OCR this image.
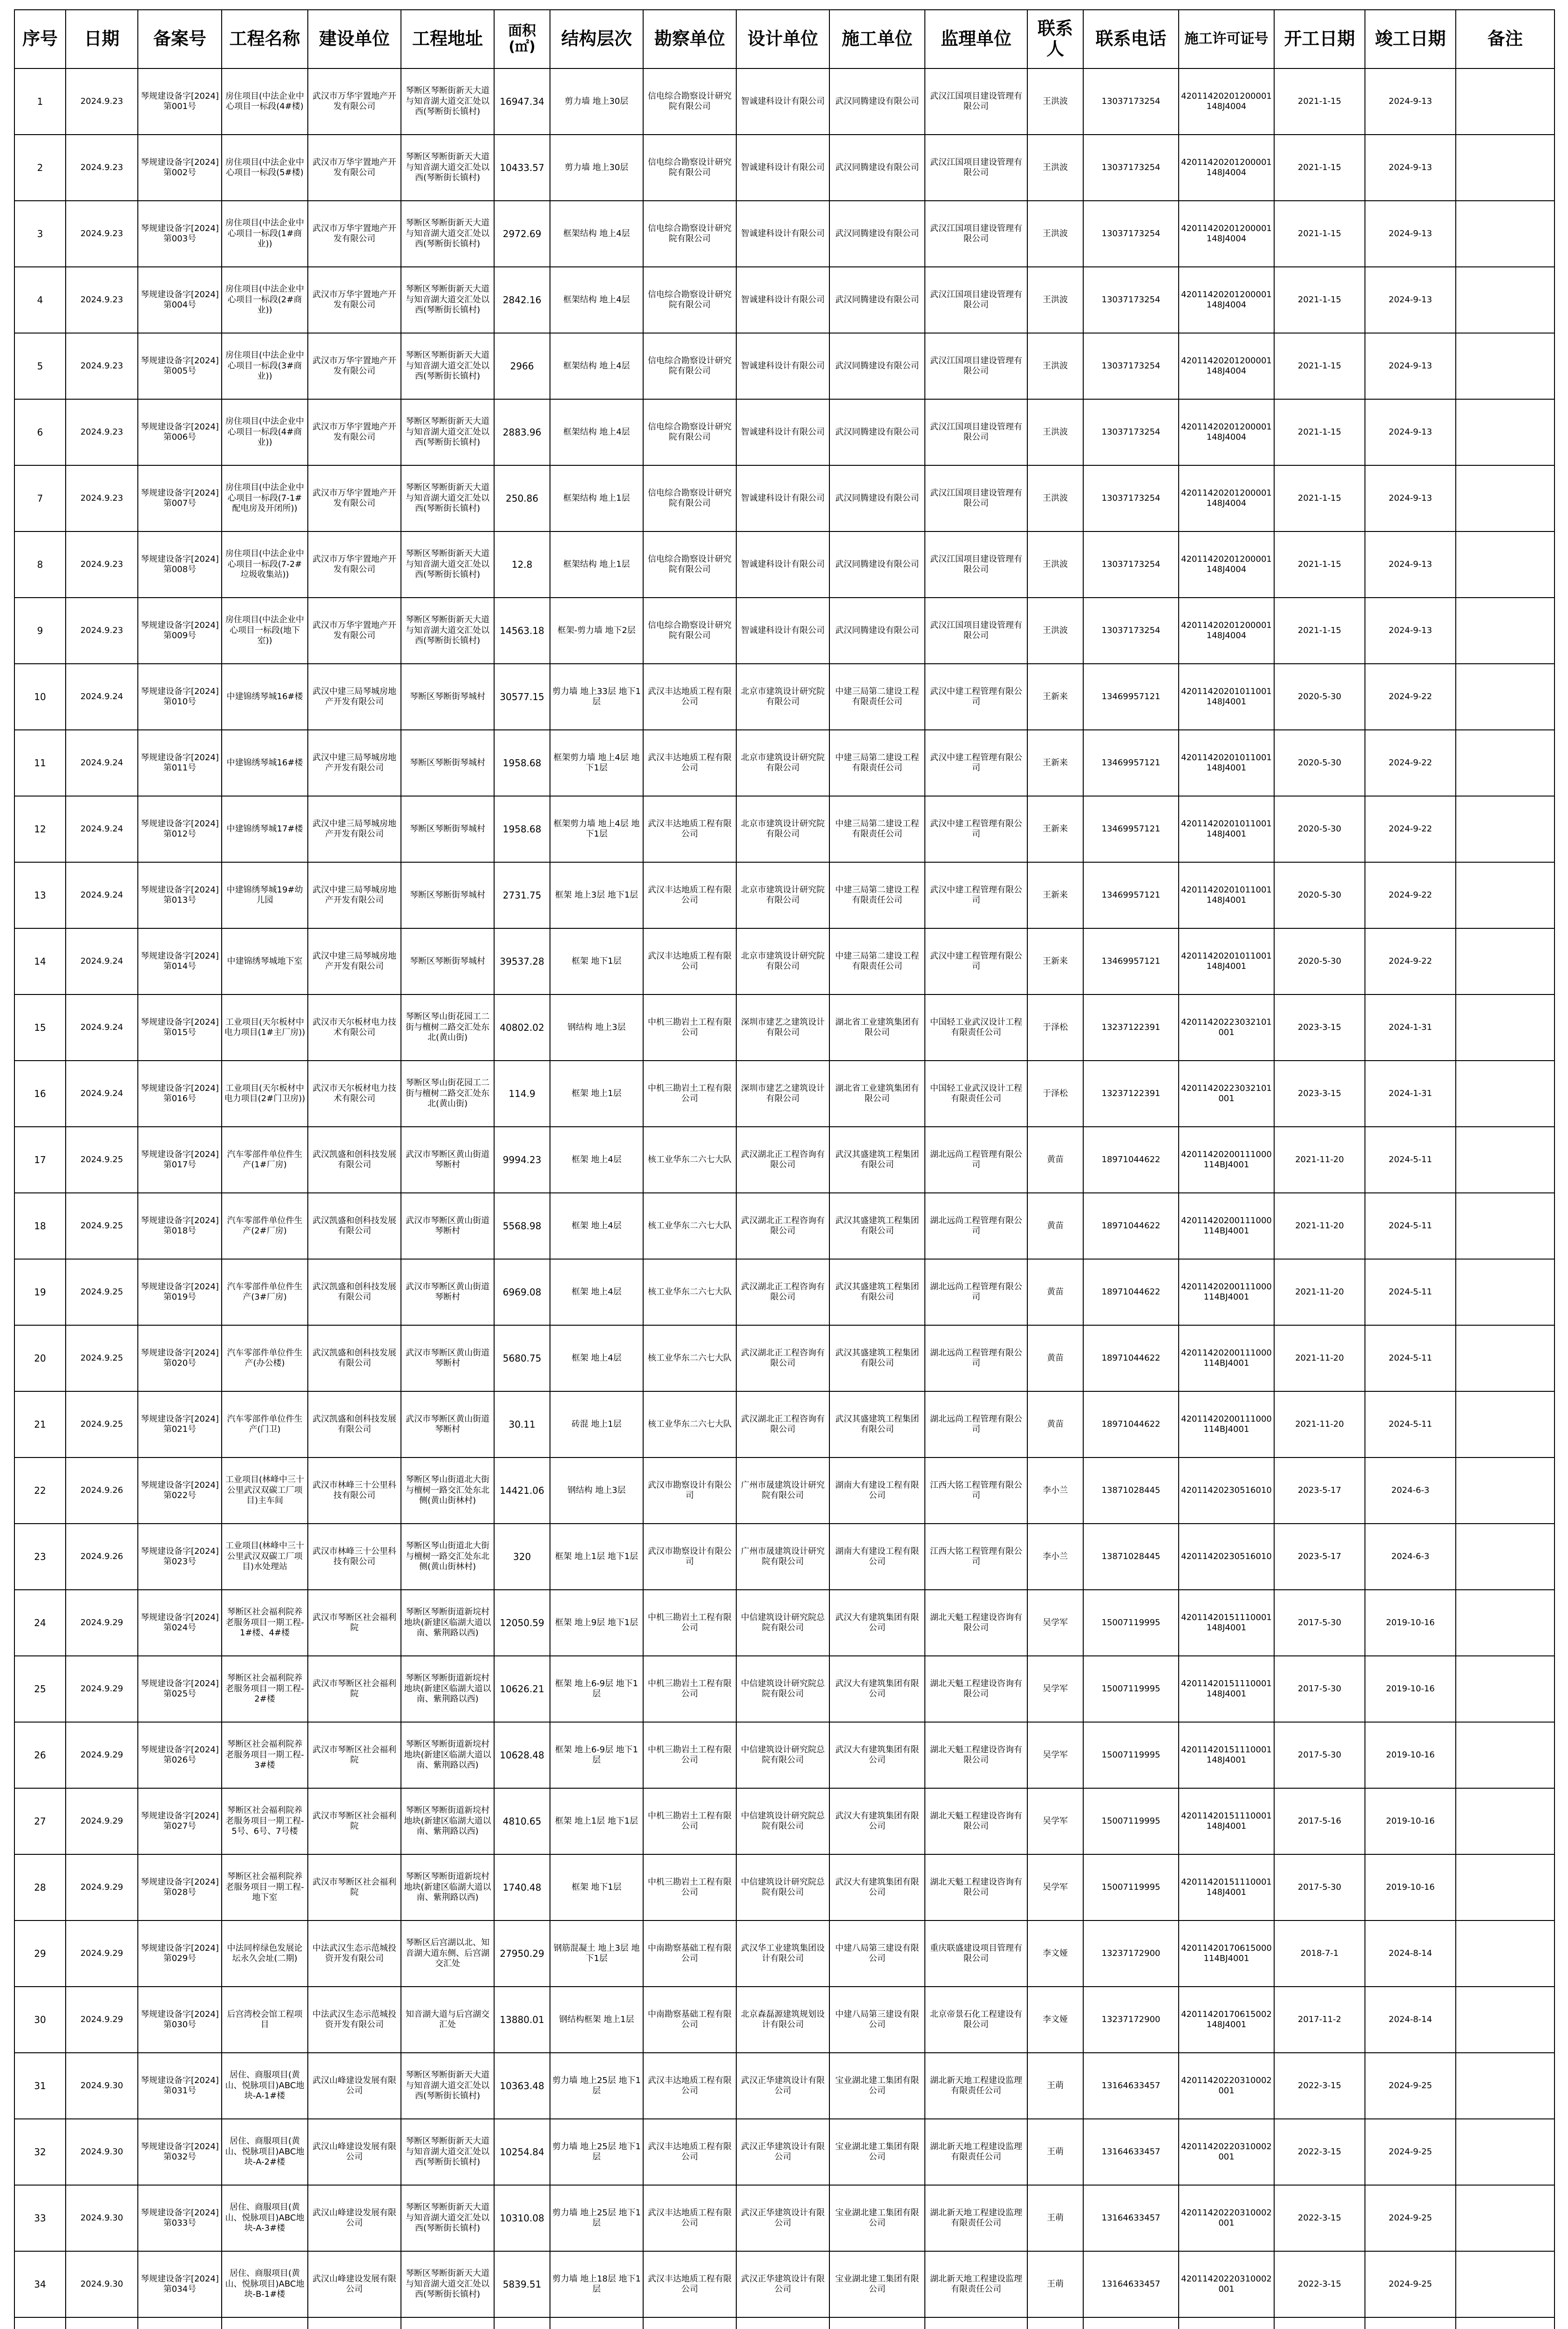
序号	日期	备案号	工程名称	建设单位	工程地址	面积(㎡)	结构层次	勘察单位	设计单位	施工单位	监理单位	联系人	联系电话	施工许可证号	开工日期	竣工日期	备注
1	2024.9.23	琴规建设备字[2024]第001号	房住项目(中法企业中心项目一标段(4#楼)	武汉市万华宇置地产开发有限公司	琴断区琴断街新天大道与知音湖大道交汇处以西(琴断街长镇村)	16947.34	剪力墙 地上30层	信电综合勘察设计研究院有限公司	智诚建科设计有限公司	武汉同腾建设有限公司	武汉江国项目建设管理有限公司	王洪波	13037173254	42011420201200001148J4004	2021-1-15	2024-9-13	
2	2024.9.23	琴规建设备字[2024]第002号	房住项目(中法企业中心项目一标段(5#楼)	武汉市万华宇置地产开发有限公司	琴断区琴断街新天大道与知音湖大道交汇处以西(琴断街长镇村)	10433.57	剪力墙 地上30层	信电综合勘察设计研究院有限公司	智诚建科设计有限公司	武汉同腾建设有限公司	武汉江国项目建设管理有限公司	王洪波	13037173254	42011420201200001148J4004	2021-1-15	2024-9-13	
3	2024.9.23	琴规建设备字[2024]第003号	房住项目(中法企业中心项目一标段(1#商业))	武汉市万华宇置地产开发有限公司	琴断区琴断街新天大道与知音湖大道交汇处以西(琴断街长镇村)	2972.69	框架结构 地上4层	信电综合勘察设计研究院有限公司	智诚建科设计有限公司	武汉同腾建设有限公司	武汉江国项目建设管理有限公司	王洪波	13037173254	42011420201200001148J4004	2021-1-15	2024-9-13	
4	2024.9.23	琴规建设备字[2024]第004号	房住项目(中法企业中心项目一标段(2#商业))	武汉市万华宇置地产开发有限公司	琴断区琴断街新天大道与知音湖大道交汇处以西(琴断街长镇村)	2842.16	框架结构 地上4层	信电综合勘察设计研究院有限公司	智诚建科设计有限公司	武汉同腾建设有限公司	武汉江国项目建设管理有限公司	王洪波	13037173254	42011420201200001148J4004	2021-1-15	2024-9-13	
5	2024.9.23	琴规建设备字[2024]第005号	房住项目(中法企业中心项目一标段(3#商业))	武汉市万华宇置地产开发有限公司	琴断区琴断街新天大道与知音湖大道交汇处以西(琴断街长镇村)	2966	框架结构 地上4层	信电综合勘察设计研究院有限公司	智诚建科设计有限公司	武汉同腾建设有限公司	武汉江国项目建设管理有限公司	王洪波	13037173254	42011420201200001148J4004	2021-1-15	2024-9-13	
6	2024.9.23	琴规建设备字[2024]第006号	房住项目(中法企业中心项目一标段(4#商业))	武汉市万华宇置地产开发有限公司	琴断区琴断街新天大道与知音湖大道交汇处以西(琴断街长镇村)	2883.96	框架结构 地上4层	信电综合勘察设计研究院有限公司	智诚建科设计有限公司	武汉同腾建设有限公司	武汉江国项目建设管理有限公司	王洪波	13037173254	42011420201200001148J4004	2021-1-15	2024-9-13	
7	2024.9.23	琴规建设备字[2024]第007号	房住项目(中法企业中心项目一标段(7-1#配电房及开闭所))	武汉市万华宇置地产开发有限公司	琴断区琴断街新天大道与知音湖大道交汇处以西(琴断街长镇村)	250.86	框架结构 地上1层	信电综合勘察设计研究院有限公司	智诚建科设计有限公司	武汉同腾建设有限公司	武汉江国项目建设管理有限公司	王洪波	13037173254	42011420201200001148J4004	2021-1-15	2024-9-13	
8	2024.9.23	琴规建设备字[2024]第008号	房住项目(中法企业中心项目一标段(7-2#垃圾收集站))	武汉市万华宇置地产开发有限公司	琴断区琴断街新天大道与知音湖大道交汇处以西(琴断街长镇村)	12.8	框架结构 地上1层	信电综合勘察设计研究院有限公司	智诚建科设计有限公司	武汉同腾建设有限公司	武汉江国项目建设管理有限公司	王洪波	13037173254	42011420201200001148J4004	2021-1-15	2024-9-13	
9	2024.9.23	琴规建设备字[2024]第009号	房住项目(中法企业中心项目一标段(地下室))	武汉市万华宇置地产开发有限公司	琴断区琴断街新天大道与知音湖大道交汇处以西(琴断街长镇村)	14563.18	框架-剪力墙 地下2层	信电综合勘察设计研究院有限公司	智诚建科设计有限公司	武汉同腾建设有限公司	武汉江国项目建设管理有限公司	王洪波	13037173254	42011420201200001148J4004	2021-1-15	2024-9-13	
10	2024.9.24	琴规建设备字[2024]第010号	中建锦绣琴城16#楼	武汉中建三局琴城房地产开发有限公司	琴断区琴断街琴城村	30577.15	剪力墙 地上33层 地下1层	武汉丰达地质工程有限公司	北京市建筑设计研究院有限公司	中建三局第二建设工程有限责任公司	武汉中建工程管理有限公司	王新来	13469957121	42011420201011001148J4001	2020-5-30	2024-9-22	
11	2024.9.24	琴规建设备字[2024]第011号	中建锦绣琴城16#楼	武汉中建三局琴城房地产开发有限公司	琴断区琴断街琴城村	1958.68	框架剪力墙 地上4层 地下1层	武汉丰达地质工程有限公司	北京市建筑设计研究院有限公司	中建三局第二建设工程有限责任公司	武汉中建工程管理有限公司	王新来	13469957121	42011420201011001148J4001	2020-5-30	2024-9-22	
12	2024.9.24	琴规建设备字[2024]第012号	中建锦绣琴城17#楼	武汉中建三局琴城房地产开发有限公司	琴断区琴断街琴城村	1958.68	框架剪力墙 地上4层 地下1层	武汉丰达地质工程有限公司	北京市建筑设计研究院有限公司	中建三局第二建设工程有限责任公司	武汉中建工程管理有限公司	王新来	13469957121	42011420201011001148J4001	2020-5-30	2024-9-22	
13	2024.9.24	琴规建设备字[2024]第013号	中建锦绣琴城19#幼儿园	武汉中建三局琴城房地产开发有限公司	琴断区琴断街琴城村	2731.75	框架 地上3层 地下1层	武汉丰达地质工程有限公司	北京市建筑设计研究院有限公司	中建三局第二建设工程有限责任公司	武汉中建工程管理有限公司	王新来	13469957121	42011420201011001148J4001	2020-5-30	2024-9-22	
14	2024.9.24	琴规建设备字[2024]第014号	中建锦绣琴城地下室	武汉中建三局琴城房地产开发有限公司	琴断区琴断街琴城村	39537.28	框架 地下1层	武汉丰达地质工程有限公司	北京市建筑设计研究院有限公司	中建三局第二建设工程有限责任公司	武汉中建工程管理有限公司	王新来	13469957121	42011420201011001148J4001	2020-5-30	2024-9-22	
15	2024.9.24	琴规建设备字[2024]第015号	工业项目(天尔板材中电力项目(1#主厂房))	武汉市天尔板材电力技术有限公司	琴断区琴山街花园工二街与檀树二路交汇处东北(黄山街)	40802.02	钢结构 地上3层	中机三勘岩土工程有限公司	深圳市建艺之建筑设计有限公司	湖北省工业建筑集团有限公司	中国轻工业武汉设计工程有限责任公司	于泽松	13237122391	42011420223032101001	2023-3-15	2024-1-31	
16	2024.9.24	琴规建设备字[2024]第016号	工业项目(天尔板材中电力项目(2#门卫房))	武汉市天尔板材电力技术有限公司	琴断区琴山街花园工二街与檀树二路交汇处东北(黄山街)	114.9	框架 地上1层	中机三勘岩土工程有限公司	深圳市建艺之建筑设计有限公司	湖北省工业建筑集团有限公司	中国轻工业武汉设计工程有限责任公司	于泽松	13237122391	42011420223032101001	2023-3-15	2024-1-31	
17	2024.9.25	琴规建设备字[2024]第017号	汽车零部件单位件生产(1#厂房)	武汉凯盛和创科技发展有限公司	武汉市琴断区黄山街道琴断村	9994.23	框架 地上4层	核工业华东二六七大队	武汉湖北正工程咨询有限公司	武汉其盛建筑工程集团有限公司	湖北远尚工程管理有限公司	黄苗	18971044622	42011420200111000114BJ4001	2021-11-20	2024-5-11	
18	2024.9.25	琴规建设备字[2024]第018号	汽车零部件单位件生产(2#厂房)	武汉凯盛和创科技发展有限公司	武汉市琴断区黄山街道琴断村	5568.98	框架 地上4层	核工业华东二六七大队	武汉湖北正工程咨询有限公司	武汉其盛建筑工程集团有限公司	湖北远尚工程管理有限公司	黄苗	18971044622	42011420200111000114BJ4001	2021-11-20	2024-5-11	
19	2024.9.25	琴规建设备字[2024]第019号	汽车零部件单位件生产(3#厂房)	武汉凯盛和创科技发展有限公司	武汉市琴断区黄山街道琴断村	6969.08	框架 地上4层	核工业华东二六七大队	武汉湖北正工程咨询有限公司	武汉其盛建筑工程集团有限公司	湖北远尚工程管理有限公司	黄苗	18971044622	42011420200111000114BJ4001	2021-11-20	2024-5-11	
20	2024.9.25	琴规建设备字[2024]第020号	汽车零部件单位件生产(办公楼)	武汉凯盛和创科技发展有限公司	武汉市琴断区黄山街道琴断村	5680.75	框架 地上4层	核工业华东二六七大队	武汉湖北正工程咨询有限公司	武汉其盛建筑工程集团有限公司	湖北远尚工程管理有限公司	黄苗	18971044622	42011420200111000114BJ4001	2021-11-20	2024-5-11	
21	2024.9.25	琴规建设备字[2024]第021号	汽车零部件单位件生产(门卫)	武汉凯盛和创科技发展有限公司	武汉市琴断区黄山街道琴断村	30.11	砖混 地上1层	核工业华东二六七大队	武汉湖北正工程咨询有限公司	武汉其盛建筑工程集团有限公司	湖北远尚工程管理有限公司	黄苗	18971044622	42011420200111000114BJ4001	2021-11-20	2024-5-11	
22	2024.9.26	琴规建设备字[2024]第022号	工业项目(林峰中三十公里武汉双碳工厂项目)主车间	武汉市林峰三十公里科技有限公司	琴断区琴山街道北大街与檀树一路交汇处东北侧(黄山街林村)	14421.06	钢结构 地上3层	武汉市勘察设计有限公司	广州市晟建筑设计研究院有限公司	湖南大有建设工程有限公司	江西大铭工程管理有限公司	李小兰	13871028445	42011420230516010	2023-5-17	2024-6-3	
23	2024.9.26	琴规建设备字[2024]第023号	工业项目(林峰中三十公里武汉双碳工厂项目)水处理站	武汉市林峰三十公里科技有限公司	琴断区琴山街道北大街与檀树一路交汇处东北侧(黄山街林村)	320	框架 地上1层 地下1层	武汉市勘察设计有限公司	广州市晟建筑设计研究院有限公司	湖南大有建设工程有限公司	江西大铭工程管理有限公司	李小兰	13871028445	42011420230516010	2023-5-17	2024-6-3	
24	2024.9.29	琴规建设备字[2024]第024号	琴断区社会福利院养老服务项目一期工程-1#楼、4#楼	武汉市琴断区社会福利院	琴断区琴断街道新垸村地块(新建区临湖大道以南、紫荆路以西)	12050.59	框架 地上9层 地下1层	中机三勘岩土工程有限公司	中信建筑设计研究院总院有限公司	武汉大有建筑集团有限公司	湖北天魁工程建设咨询有限公司	吴学军	15007119995	42011420151110001148J4001	2017-5-30	2019-10-16	
25	2024.9.29	琴规建设备字[2024]第025号	琴断区社会福利院养老服务项目一期工程-2#楼	武汉市琴断区社会福利院	琴断区琴断街道新垸村地块(新建区临湖大道以南、紫荆路以西)	10626.21	框架 地上6-9层 地下1层	中机三勘岩土工程有限公司	中信建筑设计研究院总院有限公司	武汉大有建筑集团有限公司	湖北天魁工程建设咨询有限公司	吴学军	15007119995	42011420151110001148J4001	2017-5-30	2019-10-16	
26	2024.9.29	琴规建设备字[2024]第026号	琴断区社会福利院养老服务项目一期工程-3#楼	武汉市琴断区社会福利院	琴断区琴断街道新垸村地块(新建区临湖大道以南、紫荆路以西)	10628.48	框架 地上6-9层 地下1层	中机三勘岩土工程有限公司	中信建筑设计研究院总院有限公司	武汉大有建筑集团有限公司	湖北天魁工程建设咨询有限公司	吴学军	15007119995	42011420151110001148J4001	2017-5-30	2019-10-16	
27	2024.9.29	琴规建设备字[2024]第027号	琴断区社会福利院养老服务项目一期工程-5号、6号、7号楼	武汉市琴断区社会福利院	琴断区琴断街道新垸村地块(新建区临湖大道以南、紫荆路以西)	4810.65	框架 地上1层 地下1层	中机三勘岩土工程有限公司	中信建筑设计研究院总院有限公司	武汉大有建筑集团有限公司	湖北天魁工程建设咨询有限公司	吴学军	15007119995	42011420151110001148J4001	2017-5-16	2019-10-16	
28	2024.9.29	琴规建设备字[2024]第028号	琴断区社会福利院养老服务项目一期工程-地下室	武汉市琴断区社会福利院	琴断区琴断街道新垸村地块(新建区临湖大道以南、紫荆路以西)	1740.48	框架 地下1层	中机三勘岩土工程有限公司	中信建筑设计研究院总院有限公司	武汉大有建筑集团有限公司	湖北天魁工程建设咨询有限公司	吴学军	15007119995	42011420151110001148J4001	2017-5-30	2019-10-16	
29	2024.9.29	琴规建设备字[2024]第029号	中法同梓绿色发展论坛永久会址(二期)	中法武汉生态示范城投资开发有限公司	琴断区后宫湖以北、知音湖大道东侧、后宫湖交汇处	27950.29	钢筋混凝土 地上3层 地下1层	中南勘察基础工程有限公司	武汉华工业建筑集团设计有限公司	中建八局第三建设有限公司	重庆联盛建设项目管理有限公司	李文娅	13237172900	42011420170615000114BJ4001	2018-7-1	2024-8-14	
30	2024.9.29	琴规建设备字[2024]第030号	后宫湾校会馆工程项目	中法武汉生态示范城投资开发有限公司	知音湖大道与后宫湖交汇处	13880.01	钢结构框架 地上1层	中南勘察基础工程有限公司	北京森磊源建筑规划设计有限公司	中建八局第三建设有限公司	北京帝景石化工程建设有限公司	李文娅	13237172900	42011420170615002148J4001	2017-11-2	2024-8-14	
31	2024.9.30	琴规建设备字[2024]第031号	居住、商服项目(黄山、悦脉项目)ABC地块-A-1#楼	武汉山峰建设发展有限公司	琴断区琴断街新天大道与知音湖大道交汇处以西(琴断街长镇村)	10363.48	剪力墙 地上25层 地下1层	武汉丰达地质工程有限公司	武汉正华建筑设计有限公司	宝业湖北建工集团有限公司	湖北新天地工程建设监理有限责任公司	王萌	13164633457	42011420220310002001	2022-3-15	2024-9-25	
32	2024.9.30	琴规建设备字[2024]第032号	居住、商服项目(黄山、悦脉项目)ABC地块-A-2#楼	武汉山峰建设发展有限公司	琴断区琴断街新天大道与知音湖大道交汇处以西(琴断街长镇村)	10254.84	剪力墙 地上25层 地下1层	武汉丰达地质工程有限公司	武汉正华建筑设计有限公司	宝业湖北建工集团有限公司	湖北新天地工程建设监理有限责任公司	王萌	13164633457	42011420220310002001	2022-3-15	2024-9-25	
33	2024.9.30	琴规建设备字[2024]第033号	居住、商服项目(黄山、悦脉项目)ABC地块-A-3#楼	武汉山峰建设发展有限公司	琴断区琴断街新天大道与知音湖大道交汇处以西(琴断街长镇村)	10310.08	剪力墙 地上25层 地下1层	武汉丰达地质工程有限公司	武汉正华建筑设计有限公司	宝业湖北建工集团有限公司	湖北新天地工程建设监理有限责任公司	王萌	13164633457	42011420220310002001	2022-3-15	2024-9-25	
34	2024.9.30	琴规建设备字[2024]第034号	居住、商服项目(黄山、悦脉项目)ABC地块-B-1#楼	武汉山峰建设发展有限公司	琴断区琴断街新天大道与知音湖大道交汇处以西(琴断街长镇村)	5839.51	剪力墙 地上18层 地下1层	武汉丰达地质工程有限公司	武汉正华建筑设计有限公司	宝业湖北建工集团有限公司	湖北新天地工程建设监理有限责任公司	王萌	13164633457	42011420220310002001	2022-3-15	2024-9-25	
